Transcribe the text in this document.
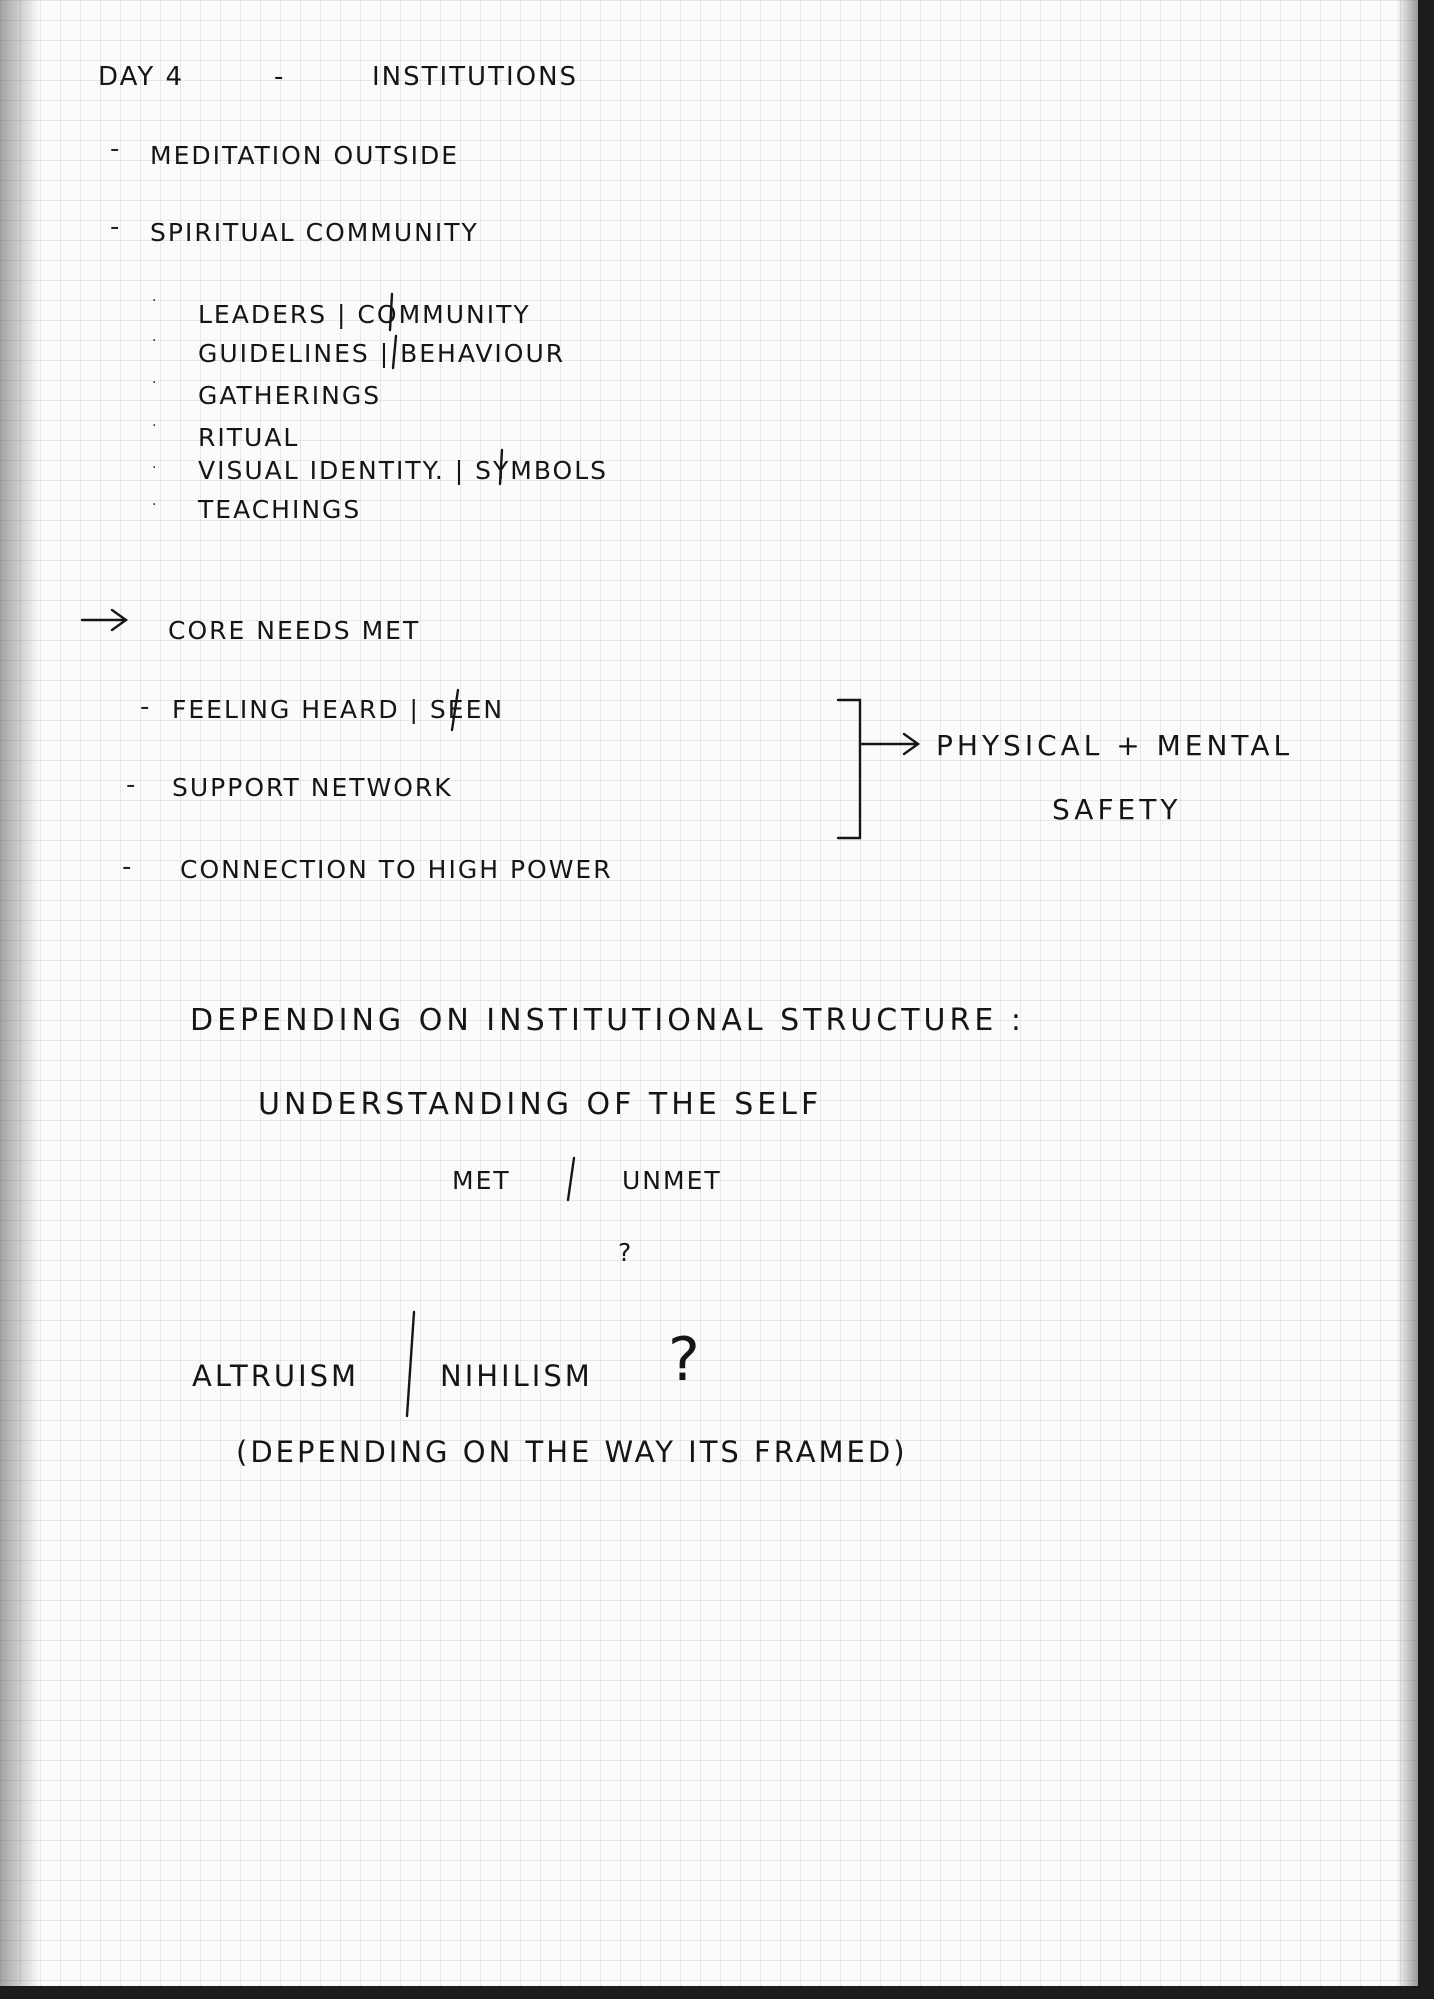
DAY 4	-	INSTITUTIONS
- MEDITATION OUTSIDE
- SPIRITUAL COMMUNITY
· LEADERS | COMMUNITY
· GUIDELINES | BEHAVIOUR
· GATHERINGS
· RITUAL
· VISUAL IDENTITY. | SYMBOLS
· TEACHINGS
CORE NEEDS MET
- FEELING HEARD | SEEN
- SUPPORT NETWORK
- CONNECTION TO HIGH POWER
PHYSICAL + MENTAL
SAFETY
DEPENDING ON INSTITUTIONAL STRUCTURE :
UNDERSTANDING OF THE SELF
MET	UNMET
?
ALTRUISM	NIHILISM ?
(DEPENDING ON THE WAY ITS FRAMED)
